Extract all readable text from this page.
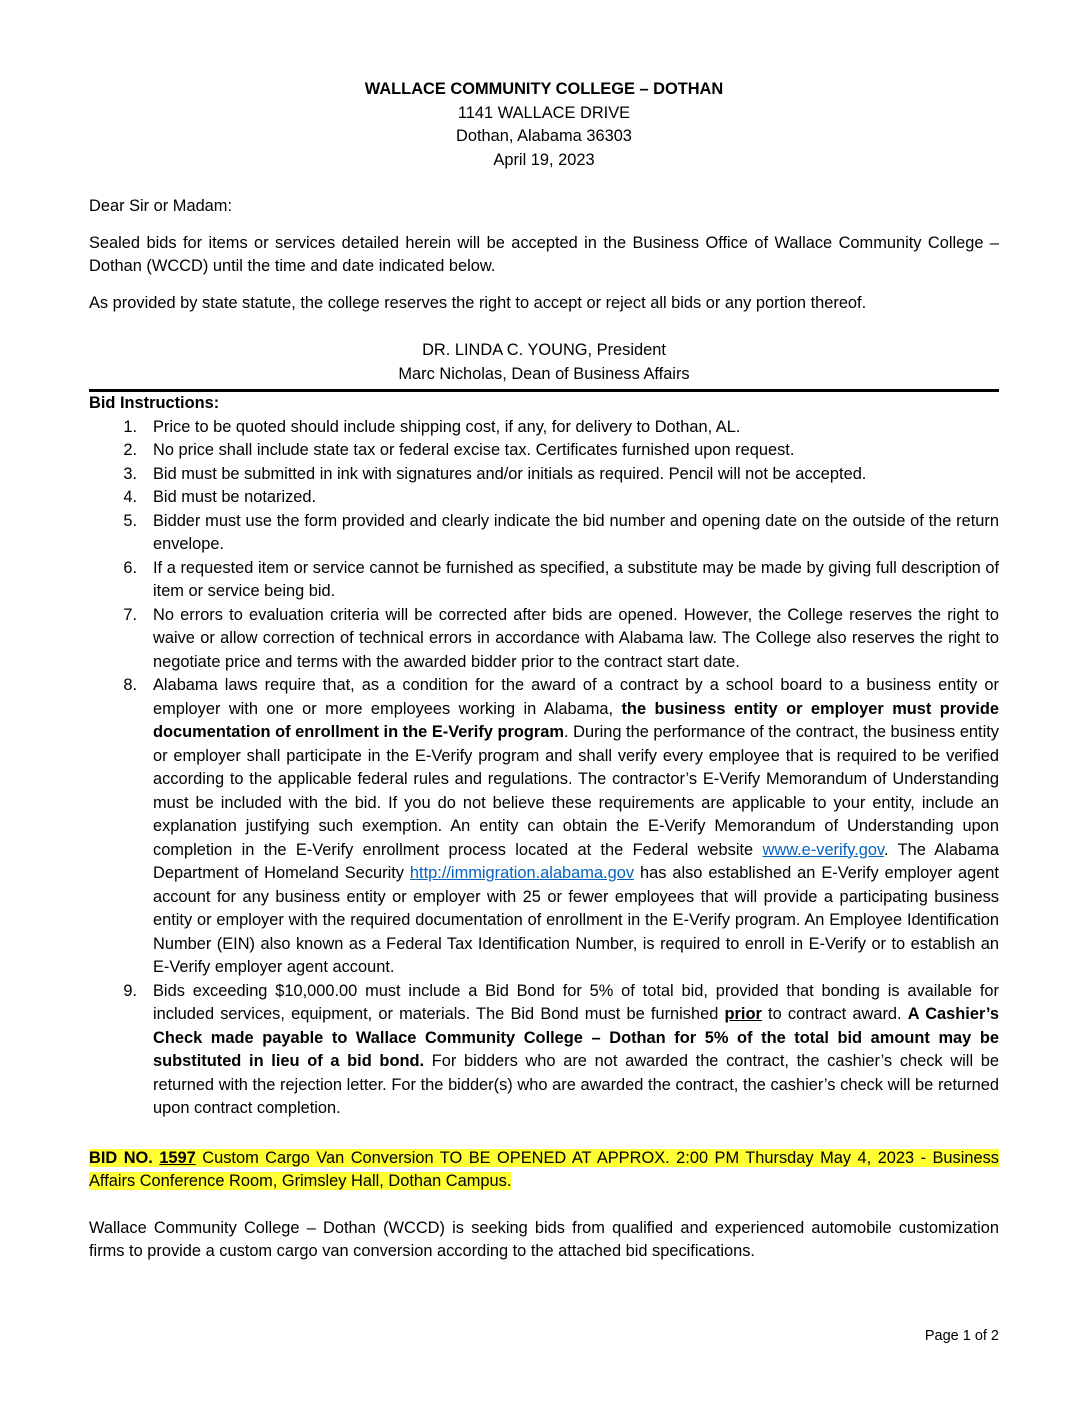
WALLACE COMMUNITY COLLEGE – DOTHAN
1141 WALLACE DRIVE
Dothan, Alabama 36303
April 19, 2023

Dear Sir or Madam:

Sealed bids for items or services detailed herein will be accepted in the Business Office of Wallace Community College – Dothan (WCCD) until the time and date indicated below.

As provided by state statute, the college reserves the right to accept or reject all bids or any portion thereof.

DR. LINDA C. YOUNG, President
Marc Nicholas, Dean of Business Affairs
Bid Instructions:
1. Price to be quoted should include shipping cost, if any, for delivery to Dothan, AL.
2. No price shall include state tax or federal excise tax. Certificates furnished upon request.
3. Bid must be submitted in ink with signatures and/or initials as required. Pencil will not be accepted.
4. Bid must be notarized.
5. Bidder must use the form provided and clearly indicate the bid number and opening date on the outside of the return envelope.
6. If a requested item or service cannot be furnished as specified, a substitute may be made by giving full description of item or service being bid.
7. No errors to evaluation criteria will be corrected after bids are opened. However, the College reserves the right to waive or allow correction of technical errors in accordance with Alabama law. The College also reserves the right to negotiate price and terms with the awarded bidder prior to the contract start date.
8. Alabama laws require that, as a condition for the award of a contract by a school board to a business entity or employer with one or more employees working in Alabama, the business entity or employer must provide documentation of enrollment in the E-Verify program. During the performance of the contract, the business entity or employer shall participate in the E-Verify program and shall verify every employee that is required to be verified according to the applicable federal rules and regulations. The contractor’s E-Verify Memorandum of Understanding must be included with the bid. If you do not believe these requirements are applicable to your entity, include an explanation justifying such exemption. An entity can obtain the E-Verify Memorandum of Understanding upon completion in the E-Verify enrollment process located at the Federal website www.e-verify.gov. The Alabama Department of Homeland Security http://immigration.alabama.gov has also established an E-Verify employer agent account for any business entity or employer with 25 or fewer employees that will provide a participating business entity or employer with the required documentation of enrollment in the E-Verify program. An Employee Identification Number (EIN) also known as a Federal Tax Identification Number, is required to enroll in E-Verify or to establish an E-Verify employer agent account.
9. Bids exceeding $10,000.00 must include a Bid Bond for 5% of total bid, provided that bonding is available for included services, equipment, or materials. The Bid Bond must be furnished prior to contract award. A Cashier’s Check made payable to Wallace Community College – Dothan for 5% of the total bid amount may be substituted in lieu of a bid bond. For bidders who are not awarded the contract, the cashier’s check will be returned with the rejection letter. For the bidder(s) who are awarded the contract, the cashier’s check will be returned upon contract completion.

BID NO. 1597 Custom Cargo Van Conversion TO BE OPENED AT APPROX. 2:00 PM Thursday May 4, 2023 - Business Affairs Conference Room, Grimsley Hall, Dothan Campus.

Wallace Community College – Dothan (WCCD) is seeking bids from qualified and experienced automobile customization firms to provide a custom cargo van conversion according to the attached bid specifications.

Page 1 of 2
